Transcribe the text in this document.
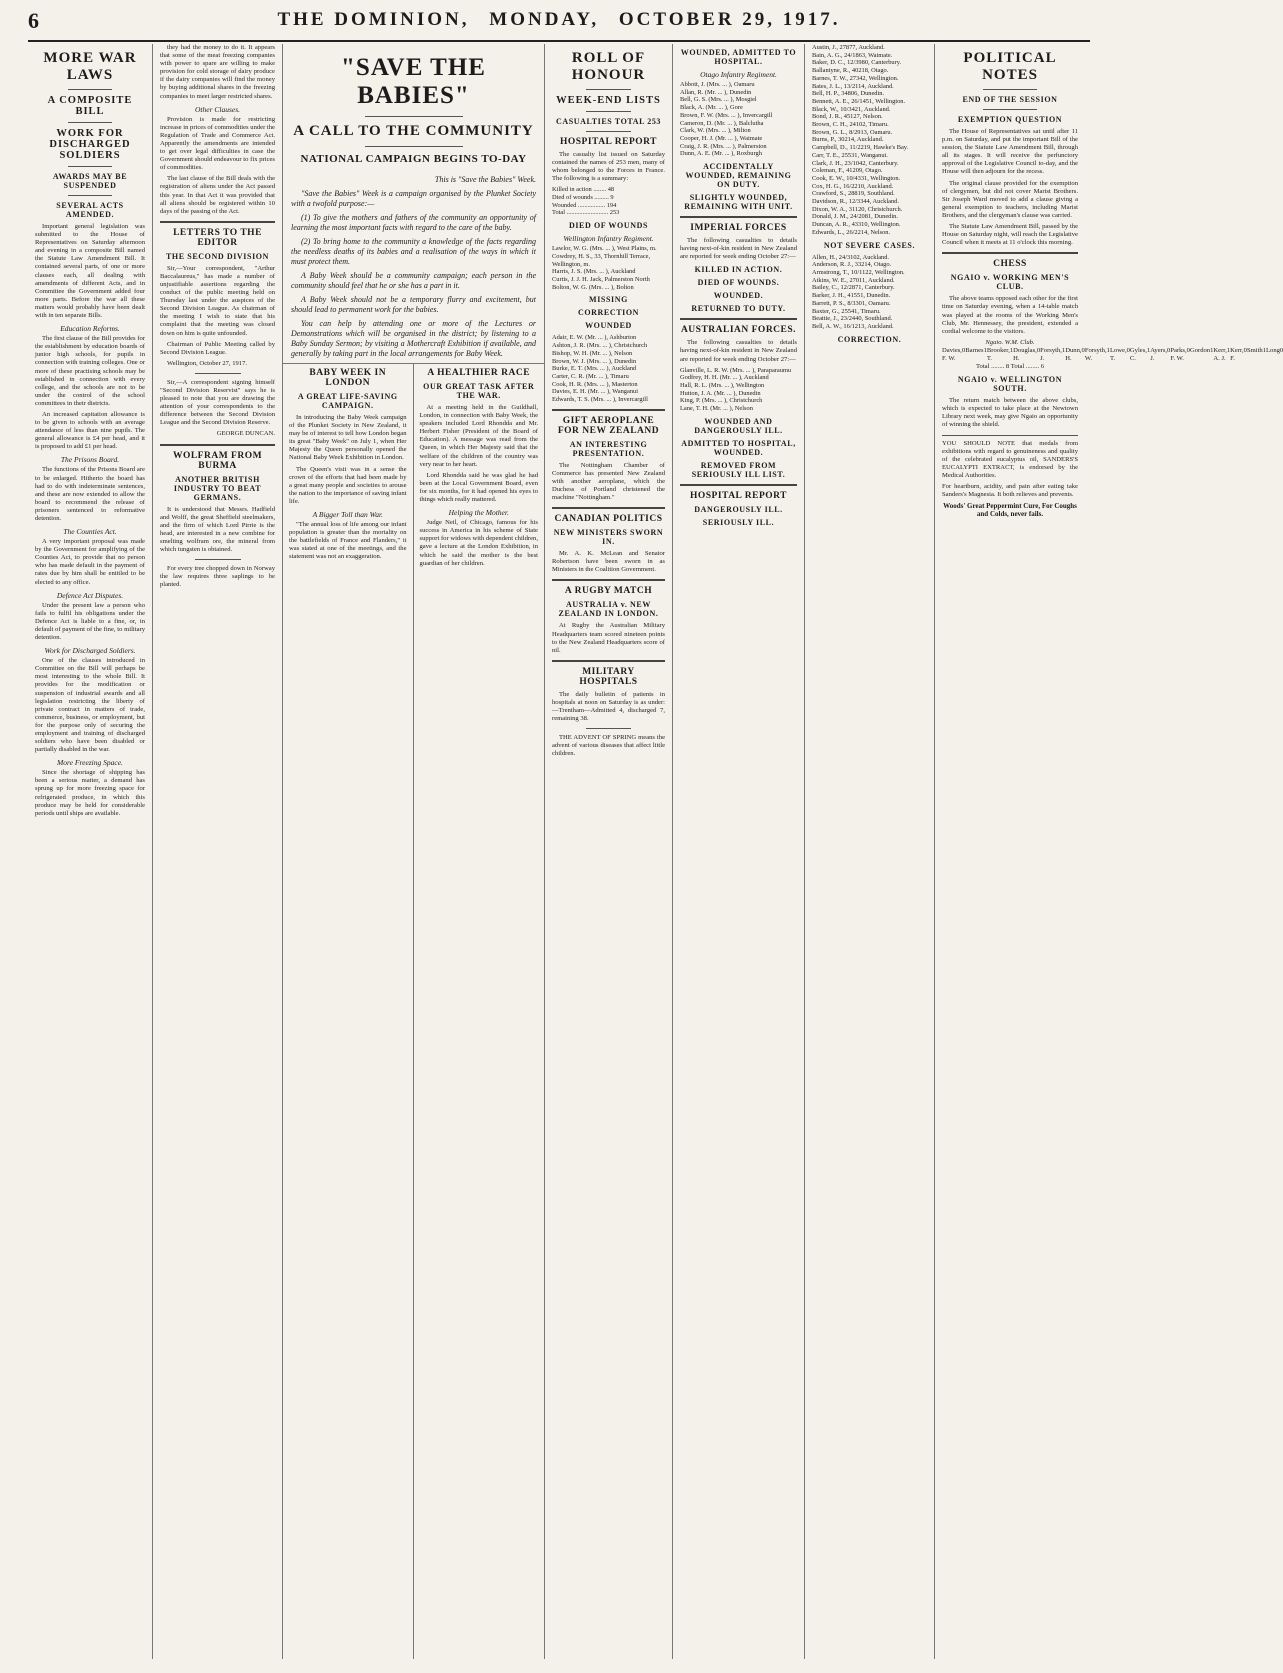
6	THE DOMINION, MONDAY, OCTOBER 29, 1917.
MORE WAR LAWS
A COMPOSITE BILL
WORK FOR DISCHARGED SOLDIERS
AWARDS MAY BE SUSPENDED
SEVERAL ACTS AMENDED.

Important general legislation was submitted to the House of Representatives on Saturday afternoon and evening in a composite Bill named the Statute Law Amendment Bill. It contained several parts, of one or more clauses each, all dealing with amendments of different Acts, and in Committee the Government added four more parts. Before the war all these matters would probably have been dealt with in ten separate Bills.

Education Reforms.

The first clause of the Bill provides for the establishment by education boards of junior high schools, for pupils in connection with training colleges. One or more of these practising schools may be established in connection with every college, and the schools are not to be under the control of the school committees in their districts.

An increased capitation allowance is to be given to schools with an average attendance of less than nine pupils. The general allowance is £4 per head, and it is proposed to add £1 per head.

The Prisons Board.

The functions of the Prisons Board are to be enlarged. Hitherto the board has had to do with indeterminate sentences, and these are now extended to allow the board to recommend the release of prisoners sentenced to reformative detention.

The Counties Act.

A very important proposal was made by the Government for amplifying of the Counties Act, to provide that no person who has made default in the payment of rates due by him shall be entitled to be elected to any office.

Defence Act Disputes.

Under the present law a person who fails to fulfil his obligations under the Defence Act is liable to a fine, or, in default of payment of the fine, to military detention.

Work for Discharged Soldiers.

One of the clauses introduced in Committee on the Bill will perhaps be most interesting to the whole Bill. It provides for the modification or suspension of industrial awards and all legislation restricting the liberty of private contract in matters of trade, commerce, business, or employment, but for the purpose only of securing the employment and training of discharged soldiers who have been disabled or partially disabled in the war.

More Freezing Space.

Since the shortage of shipping has been a serious matter, a demand has sprung up for more freezing space for refrigerated produce, in which this produce may be held for considerable periods until ships are available.

they had the money to do it. It appears that some of the meat freezing companies with power to spare are willing to make provision for cold storage of dairy produce if the dairy companies will find the money by buying additional shares in the freezing companies to meet larger restricted shares.

Other Clauses.

Provision is made for restricting increase in prices of commodities under the Regulation of Trade and Commerce Act. Apparently the amendments are intended to get over legal difficulties in case the Government should endeavour to fix prices of commodities.

The last clause of the Bill deals with the registration of aliens under the Act passed this year. In that Act it was provided that all aliens should be registered within 10 days of the passing of the Act.

LETTERS TO THE EDITOR
THE SECOND DIVISION

Sir,—Your correspondent, "Arthur Baccalaureus," has made a number of unjustifiable assertions regarding the conduct of the public meeting held on Thursday last under the auspices of the Second Division League. As chairman of the meeting I wish to state that his complaint that the meeting was closed down on him is quite unfounded.

Chairman of Public Meeting called by Second Division League.

Wellington, October 27, 1917.

Sir,—A correspondent signing himself "Second Division Reservist" says he is pleased to note that you are drawing the attention of your correspondents to the difference between the Second Division League and the Second Division Reserve.

GEORGE DUNCAN.

WOLFRAM FROM BURMA
ANOTHER BRITISH INDUSTRY TO BEAT GERMANS.

It is understood that Messrs. Hadfield and Wolff, the great Sheffield steelmakers, and the firm of which Lord Pirrie is the head, are interested in a new combine for smelting wolfram ore, the mineral from which tungsten is obtained.

For every tree chopped down in Norway the law requires three saplings to be planted.

"SAVE THE BABIES"
A CALL TO THE COMMUNITY
NATIONAL CAMPAIGN BEGINS TO-DAY

This is "Save the Babies" Week.

"Save the Babies" Week is a campaign organised by the Plunket Society with a twofold purpose:—

(1) To give the mothers and fathers of the community an opportunity of learning the most important facts with regard to the care of the baby.

(2) To bring home to the community a knowledge of the facts regarding the needless deaths of its babies and a realisation of the ways in which it must protect them.

A Baby Week should be a community campaign; each person in the community should feel that he or she has a part in it.

A Baby Week should not be a temporary flurry and excitement, but should lead to permanent work for the babies.

You can help by attending one or more of the Lectures or Demonstrations which will be organised in the district; by listening to a Baby Sunday Sermon; by visiting a Mothercraft Exhibition if available, and generally by taking part in the local arrangements for Baby Week.

BABY WEEK IN LONDON
A GREAT LIFE-SAVING CAMPAIGN.

In introducing the Baby Week campaign of the Plunket Society in New Zealand, it may be of interest to tell how London began its great "Baby Week" on July 1, when Her Majesty the Queen personally opened the National Baby Week Exhibition in London.

The Queen's visit was in a sense the crown of the efforts that had been made by a great many people and societies to arouse the nation to the importance of saving infant life.

A Bigger Toll than War.

"The annual loss of life among our infant population is greater than the mortality on the battlefields of France and Flanders," it was stated at one of the meetings, and the statement was not an exaggeration.

A HEALTHIER RACE
OUR GREAT TASK AFTER THE WAR.

At a meeting held in the Guildhall, London, in connection with Baby Week, the speakers included Lord Rhondda and Mr. Herbert Fisher (President of the Board of Education). A message was read from the Queen, in which Her Majesty said that the welfare of the children of the country was very near to her heart.

Lord Rhondda said he was glad he had been at the Local Government Board, even for six months, for it had opened his eyes to things which really mattered.

Helping the Mother.

Judge Neil, of Chicago, famous for his success in America in his scheme of State support for widows with dependent children, gave a lecture at the London Exhibition, in which he said the mother is the best guardian of her children.

ROLL OF HONOUR
WEEK-END LISTS
CASUALTIES TOTAL 253
HOSPITAL REPORT

The casualty list issued on Saturday contained the names of 253 men, many of whom belonged to the Forces in France. The following is a summary:

Killed in action ........ 48
Died of wounds ......... 9
Wounded ................. 194
Total .......................... 253
DIED OF WOUNDS
Wellington Infantry Regiment.
Lawlor, W. G. (Mrs. ... ), West Plains, m.
Cowdrey, H. S., 33, Thornhill Terrace, Wellington, m.
Harris, J. S. (Mrs. ... ), Auckland
Curtis, J. J. H. Jack, Palmerston North
Bolton, W. G. (Mrs. ... ), Bolton
MISSING
CORRECTION
WOUNDED
Adair, E. W. (Mr. ... ), Ashburton
Ashton, J. R. (Mrs. ... ), Christchurch
Bishop, W. H. (Mr. ... ), Nelson
Brown, W. J. (Mrs. ... ), Dunedin
Burke, E. T. (Mrs. ... ), Auckland
Carter, C. R. (Mr. ... ), Timaru
Cook, H. R. (Mrs. ... ), Masterton
Davies, E. H. (Mr. ... ), Wanganui
Edwards, T. S. (Mrs. ... ), Invercargill
GIFT AEROPLANE FOR NEW ZEALAND
AN INTERESTING PRESENTATION.

The Nottingham Chamber of Commerce has presented New Zealand with another aeroplane, which the Duchess of Portland christened the machine "Nottingham."

CANADIAN POLITICS
NEW MINISTERS SWORN IN.

Mr. A. K. McLean and Senator Robertson have been sworn in as Ministers in the Coalition Government.

A RUGBY MATCH
AUSTRALIA v. NEW ZEALAND IN LONDON.

At Rugby the Australian Military Headquarters team scored nineteen points to the New Zealand Headquarters score of nil.

MILITARY HOSPITALS

The daily bulletin of patients in hospitals at noon on Saturday is as under:—Trentham—Admitted 4, discharged 7, remaining 38.

THE ADVENT OF SPRING means the advent of various diseases that affect little children.

WOUNDED, ADMITTED TO HOSPITAL.
Otago Infantry Regiment.
Abbott, J. (Mrs. ... ), Oamaru
Allan, R. (Mr. ... ), Dunedin
Bell, G. S. (Mrs. ... ), Mosgiel
Black, A. (Mr. ... ), Gore
Brown, F. W. (Mrs. ... ), Invercargill
Cameron, D. (Mr. ... ), Balclutha
Clark, W. (Mrs. ... ), Milton
Cooper, H. J. (Mr. ... ), Waimate
Craig, J. R. (Mrs. ... ), Palmerston
Dunn, A. E. (Mr. ... ), Roxburgh
ACCIDENTALLY WOUNDED, REMAINING ON DUTY.
SLIGHTLY WOUNDED, REMAINING WITH UNIT.
IMPERIAL FORCES

The following casualties to details having next-of-kin resident in New Zealand are reported for week ending October 27:—

KILLED IN ACTION.
DIED OF WOUNDS.
WOUNDED.
RETURNED TO DUTY.
AUSTRALIAN FORCES.

The following casualties to details having next-of-kin resident in New Zealand are reported for week ending October 27:—

Glanville, L. R. W. (Mrs. ... ), Paraparaumu
Godfrey, H. H. (Mr. ... ), Auckland
Hall, R. L. (Mrs. ... ), Wellington
Hutton, J. A. (Mr. ... ), Dunedin
King, P. (Mrs. ... ), Christchurch
Lane, T. H. (Mr. ... ), Nelson
WOUNDED AND DANGEROUSLY ILL.
ADMITTED TO HOSPITAL, WOUNDED.
REMOVED FROM SERIOUSLY ILL LIST.
HOSPITAL REPORT
DANGEROUSLY ILL.
SERIOUSLY ILL.
Austin, J., 27877, Auckland.
Bain, A. G., 24/1863, Waimate.
Baker, D. C., 12/3980, Canterbury.
Ballantyne, R., 40218, Otago.
Barnes, T. W., 27342, Wellington.
Bates, J. L., 13/2114, Auckland.
Bell, H. P., 34806, Dunedin.
Bennett, A. E., 26/1451, Wellington.
Black, W., 10/3421, Auckland.
Bond, J. R., 45127, Nelson.
Brown, C. H., 24102, Timaru.
Brown, G. L., 8/2913, Oamaru.
Burns, P., 30214, Auckland.
Campbell, D., 11/2219, Hawke's Bay.
Carr, T. E., 25531, Wanganui.
Clark, J. H., 23/1042, Canterbury.
Coleman, F., 41209, Otago.
Cook, E. W., 10/4331, Wellington.
Cox, H. G., 16/2210, Auckland.
Crawford, S., 28819, Southland.
Davidson, R., 12/3344, Auckland.
Dixon, W. A., 31120, Christchurch.
Donald, J. M., 24/2081, Dunedin.
Duncan, A. R., 43310, Wellington.
Edwards, L., 26/2214, Nelson.
NOT SEVERE CASES.
Allen, H., 24/3102, Auckland.
Anderson, R. J., 33214, Otago.
Armstrong, T., 10/1122, Wellington.
Atkins, W. E., 27011, Auckland.
Bailey, C., 12/2871, Canterbury.
Barker, J. H., 41551, Dunedin.
Barrett, P. S., 8/3301, Oamaru.
Baxter, G., 25541, Timaru.
Beattie, J., 23/2440, Southland.
Bell, A. W., 16/1213, Auckland.
CORRECTION.
POLITICAL NOTES
END OF THE SESSION
EXEMPTION QUESTION

The House of Representatives sat until after 11 p.m. on Saturday, and put the important Bill of the session, the Statute Law Amendment Bill, through all its stages. It will receive the perfunctory approval of the Legislative Council to-day, and the House will then adjourn for the recess.

The original clause provided for the exemption of clergymen, but did not cover Marist Brothers. Sir Joseph Ward moved to add a clause giving a general exemption to teachers, including Marist Brothers, and the clergyman's clause was carried.

The Statute Law Amendment Bill, passed by the House on Saturday night, will reach the Legislative Council when it meets at 11 o'clock this morning.

CHESS
NGAIO v. WORKING MEN'S CLUB.

The above teams opposed each other for the first time on Saturday evening, when a 14-table match was played at the rooms of the Working Men's Club, Mr. Hennessey, the president, extended a cordial welcome to the visitors.

Ngaio. W.M. Club.
Davies, F. W.
0 Barnes 1 Brooker, T.
1 Douglas, H.
0 Forsyth, J.
1 Dunn, H.
0 Forsyth, W.
1 Lowe, T.
0 Gyles, C.
1 Ayers, J.
0 Parks, F. W.
0 Gordon 1 Kerr, A. J.
1 Kerr, F.
0 Smith 1 Long 0
Total ........ 8 Total ........ 6
NGAIO v. WELLINGTON SOUTH.

The return match between the above clubs, which is expected to take place at the Newtown Library next week, may give Ngaio an opportunity of winning the shield.

YOU SHOULD NOTE that medals from exhibitions with regard to genuineness and quality of the celebrated eucalyptus oil, SANDERS'S EUCALYPTI EXTRACT, is endorsed by the Medical Authorities.

For heartburn, acidity, and pain after eating take Sanders's Magnesia. It both relieves and prevents.

Woods' Great Peppermint Cure, For Coughs and Colds, never fails.
